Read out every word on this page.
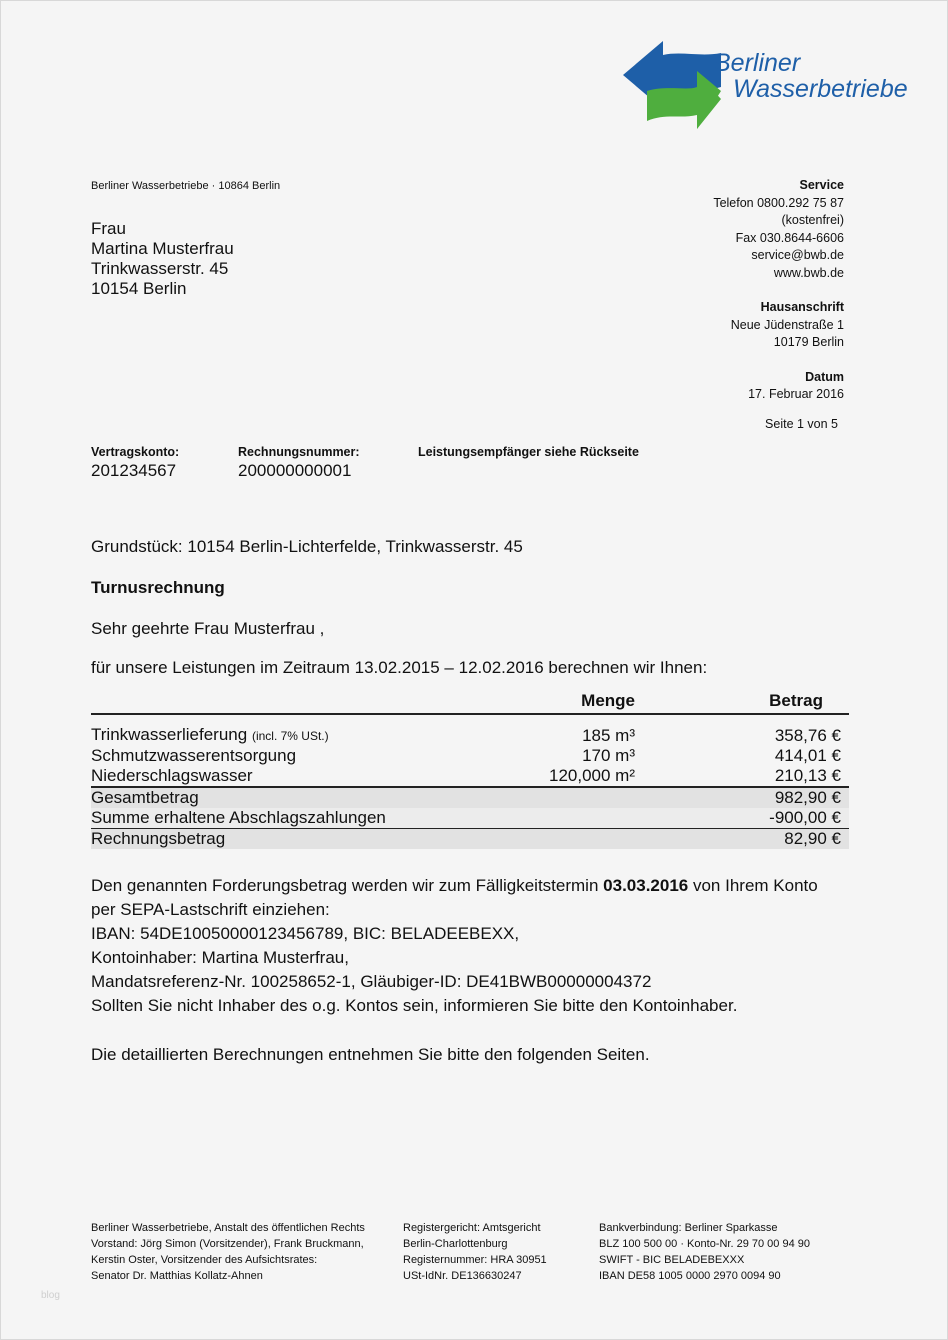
Berliner
Wasserbetriebe
Berliner Wasserbetriebe · 10864 Berlin
Frau
Martina Musterfrau
Trinkwasserstr. 45
10154 Berlin
Service
Telefon 0800.292 75 87
(kostenfrei)
Fax 030.8644-6606
service@bwb.de
www.bwb.de
Hausanschrift
Neue Jüdenstraße 1
10179 Berlin
Datum
17. Februar 2016
Seite 1 von 5
Vertragskonto:
201234567
Rechnungsnummer:
200000000001
Leistungsempfänger siehe Rückseite
Grundstück: 10154 Berlin-Lichterfelde, Trinkwasserstr. 45
Turnusrechnung
Sehr geehrte Frau Musterfrau ,
für unsere Leistungen im Zeitraum 13.02.2015 – 12.02.2016 berechnen wir Ihnen:
	Menge	Betrag
Trinkwasserlieferung (incl. 7% USt.)	185 m³	358,76 €
Schmutzwasserentsorgung	170 m³	414,01 €
Niederschlagswasser	120,000 m²	210,13 €
Gesamtbetrag		982,90 €
Summe erhaltene Abschlagszahlungen		-900,00 €
Rechnungsbetrag		82,90 €
Den genannten Forderungsbetrag werden wir zum Fälligkeitstermin 03.03.2016 von Ihrem Konto
per SEPA-Lastschrift einziehen:
IBAN: 54DE10050000123456789, BIC: BELADEEBEXX,
Kontoinhaber: Martina Musterfrau,
Mandatsreferenz-Nr. 100258652-1, Gläubiger-ID: DE41BWB00000004372
Sollten Sie nicht Inhaber des o.g. Kontos sein, informieren Sie bitte den Kontoinhaber.
Die detaillierten Berechnungen entnehmen Sie bitte den folgenden Seiten.
Berliner Wasserbetriebe, Anstalt des öffentlichen Rechts
Vorstand: Jörg Simon (Vorsitzender), Frank Bruckmann,
Kerstin Oster, Vorsitzender des Aufsichtsrates:
Senator Dr. Matthias Kollatz-Ahnen
Registergericht: Amtsgericht
Berlin-Charlottenburg
Registernummer: HRA 30951
USt-IdNr. DE136630247
Bankverbindung: Berliner Sparkasse
BLZ 100 500 00 · Konto-Nr. 29 70 00 94 90
SWIFT - BIC BELADEBEXXX
IBAN DE58 1005 0000 2970 0094 90
blog
